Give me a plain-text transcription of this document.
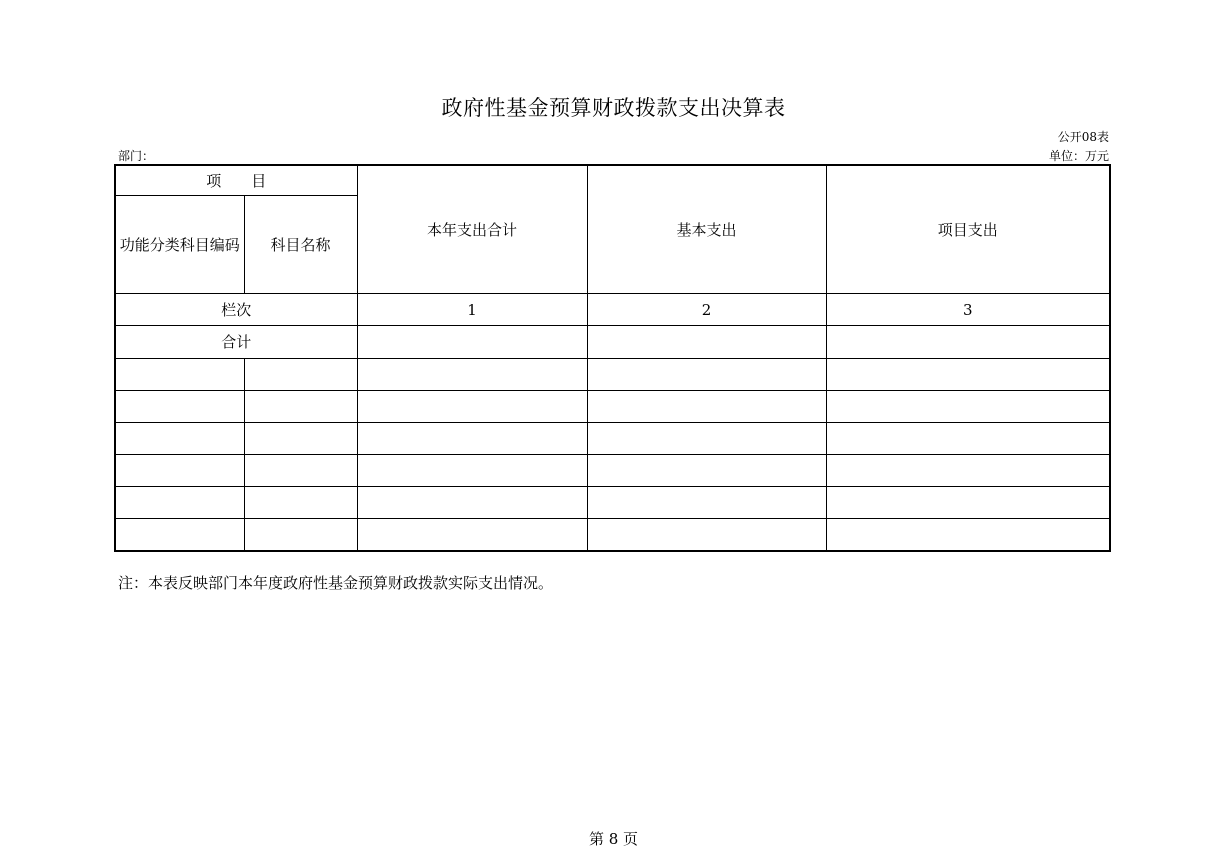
政府性基金预算财政拨款支出决算表
公开08表
部门：	单位：万元
项　　目		本年支出合计	基本支出	项目支出
功能分类科目编码	科目名称			
栏次		1	2	3
合计				

注：本表反映部门本年度政府性基金预算财政拨款实际支出情况。
第 8 页
